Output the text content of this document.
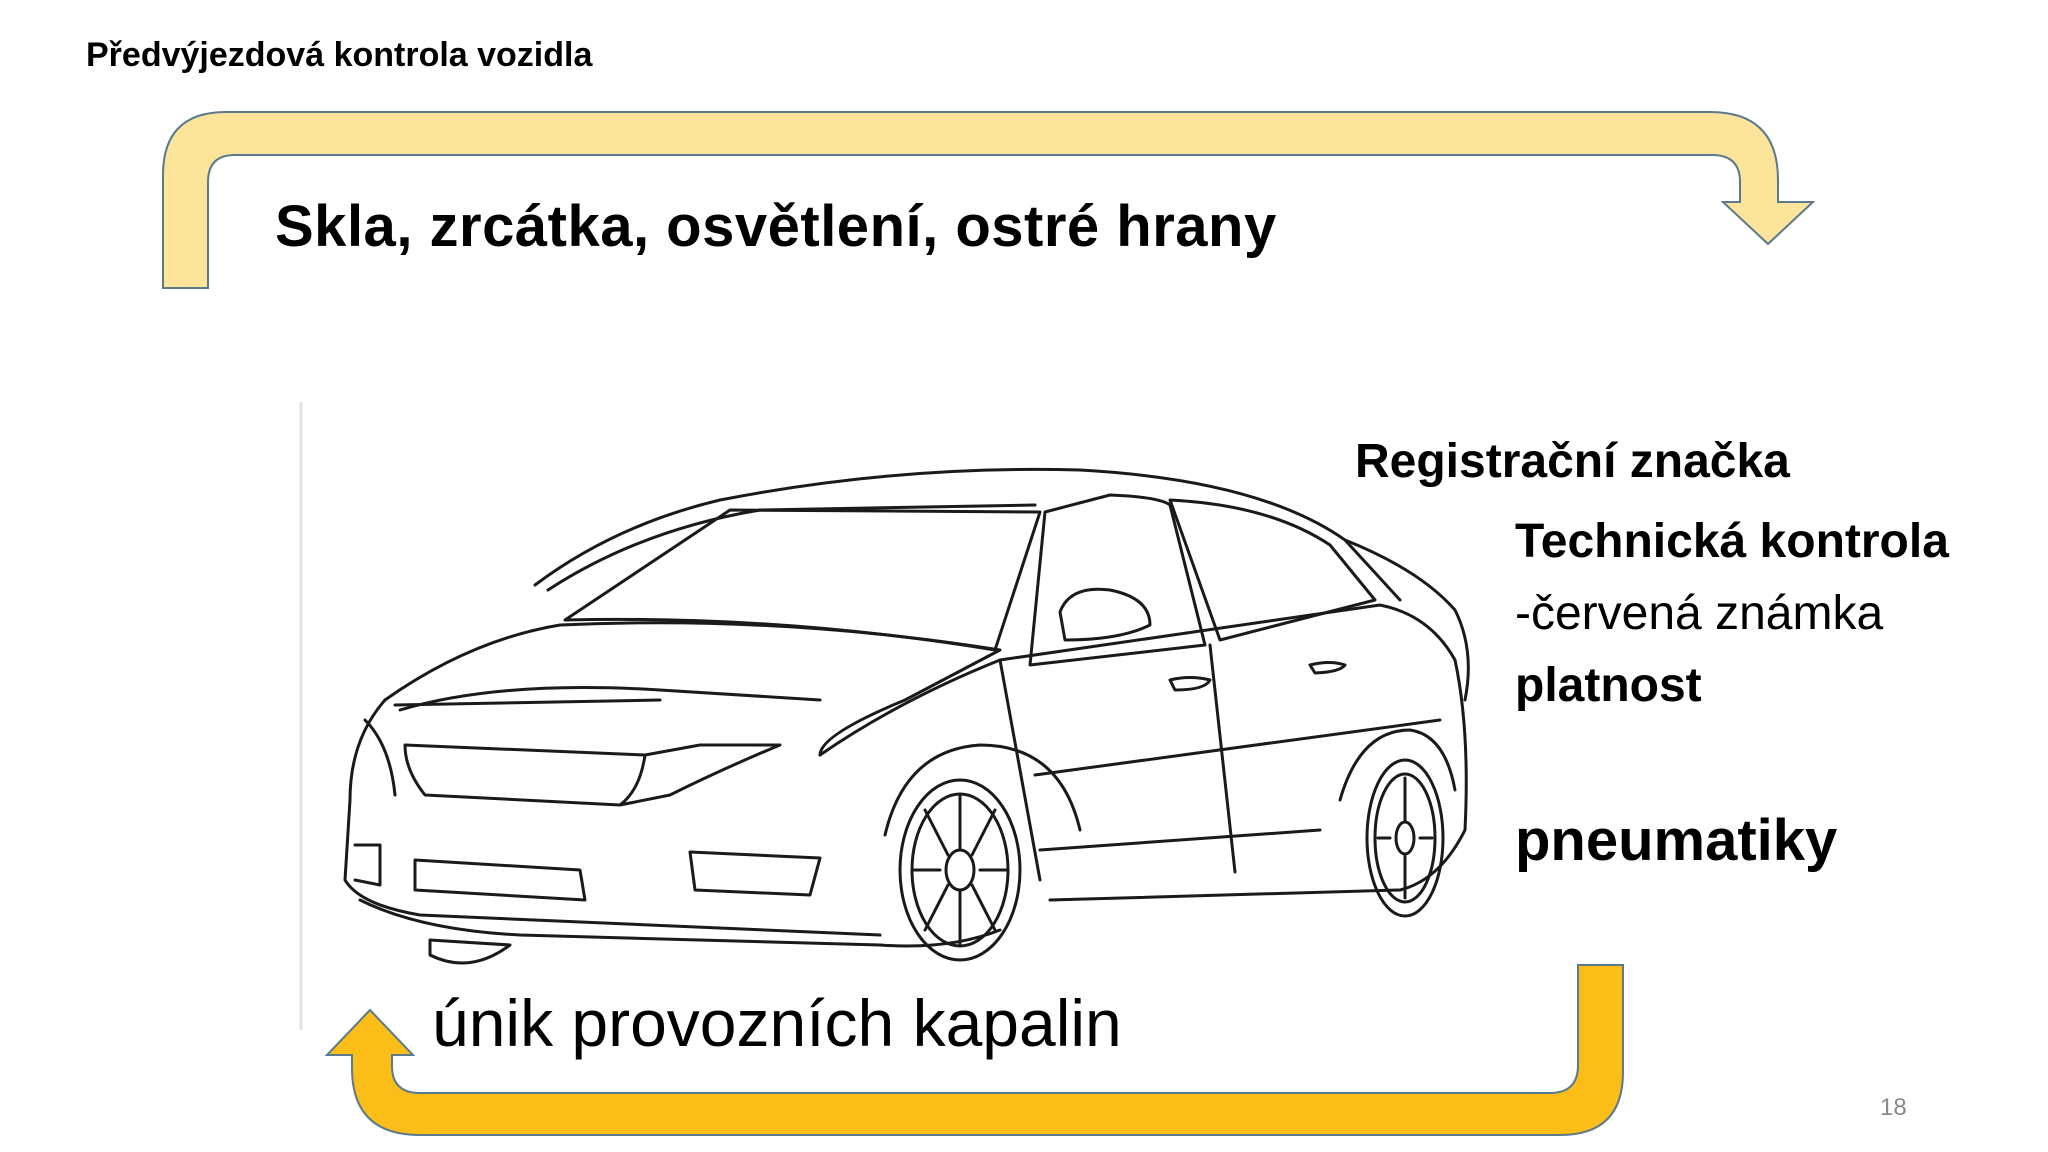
Předvýjezdová kontrola vozidla
Skla, zrcátka, osvětlení, ostré hrany
Registrační značka
Technická kontrola
-červená známka
platnost
pneumatiky
únik provozních kapalin
18
